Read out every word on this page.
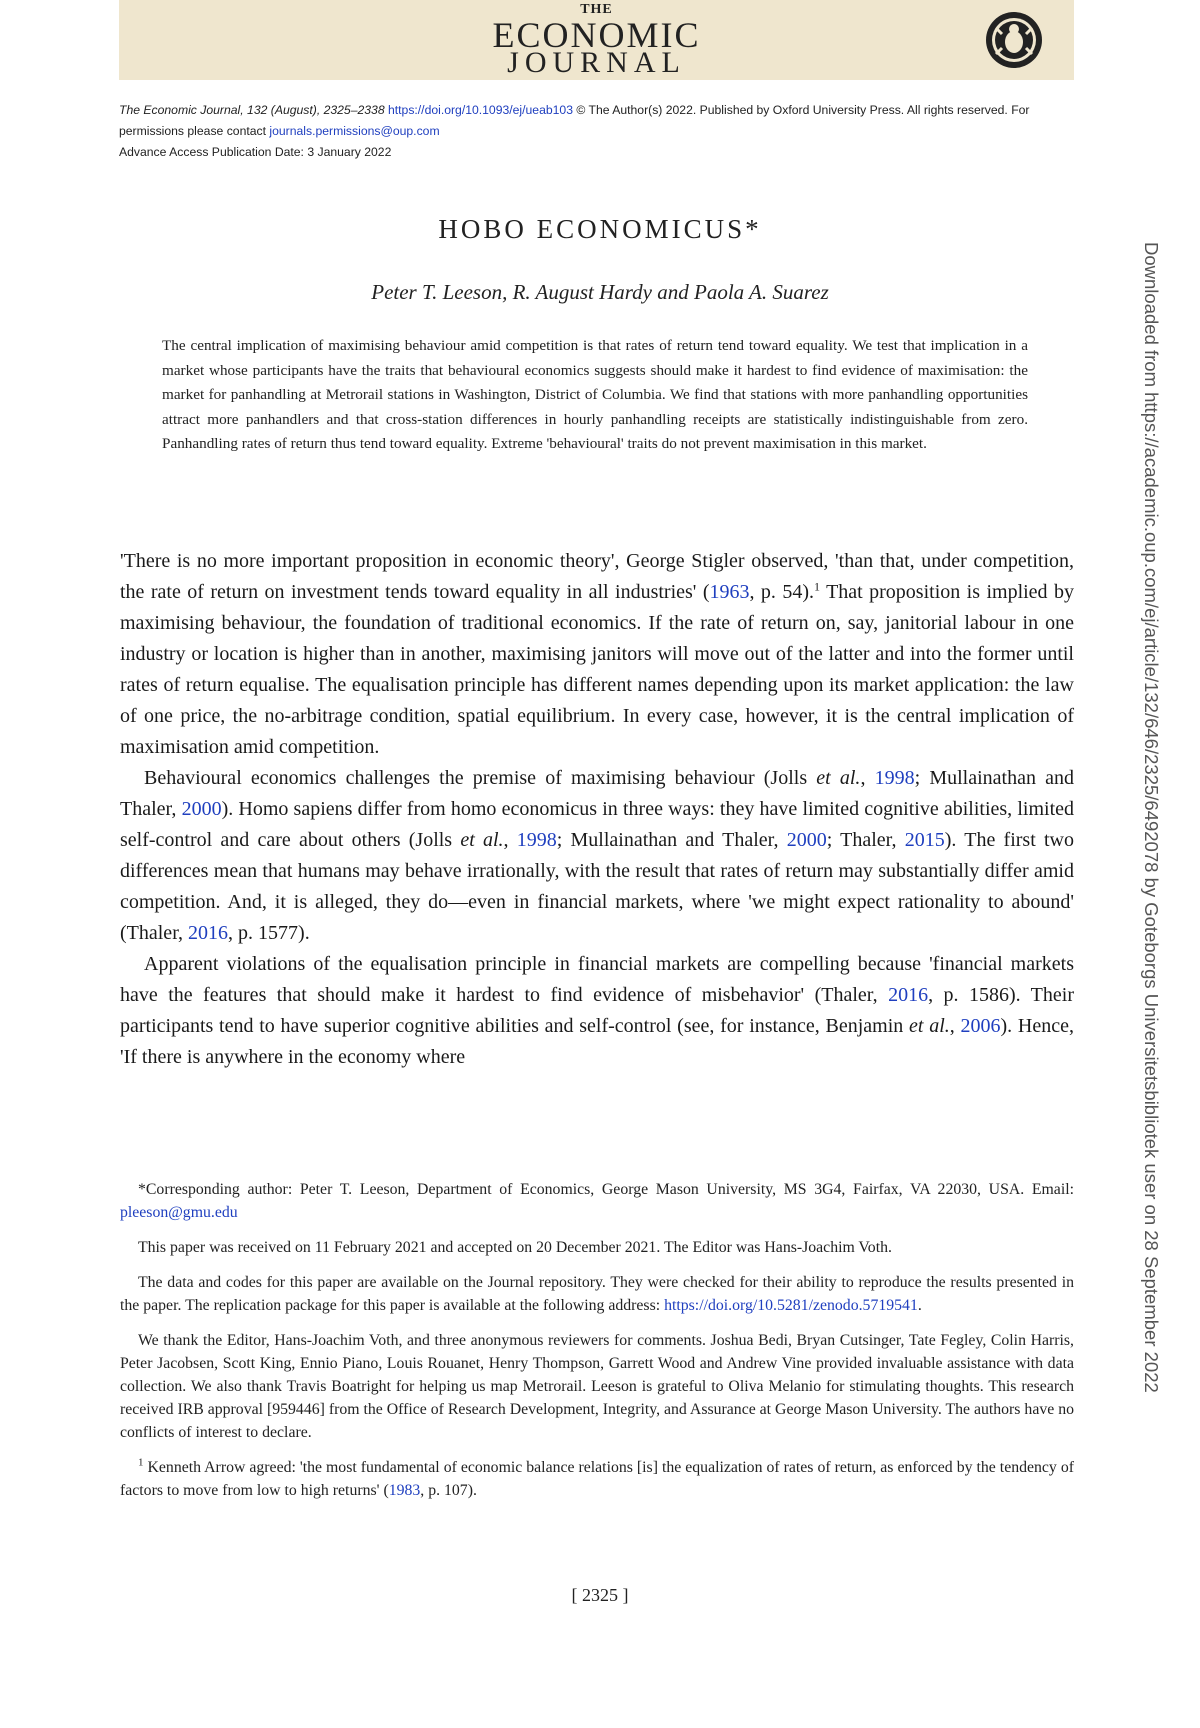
THE
ECONOMIC
JOURNAL
The Economic Journal, 132 (August), 2325–2338 https://doi.org/10.1093/ej/ueab103 © The Author(s) 2022. Published by Oxford University Press. All rights reserved. For permissions please contact journals.permissions@oup.com
Advance Access Publication Date: 3 January 2022
HOBO ECONOMICUS*
Peter T. Leeson, R. August Hardy and Paola A. Suarez
The central implication of maximising behaviour amid competition is that rates of return tend toward equality. We test that implication in a market whose participants have the traits that behavioural economics suggests should make it hardest to find evidence of maximisation: the market for panhandling at Metrorail stations in Washington, District of Columbia. We find that stations with more panhandling opportunities attract more panhandlers and that cross-station differences in hourly panhandling receipts are statistically indistinguishable from zero. Panhandling rates of return thus tend toward equality. Extreme 'behavioural' traits do not prevent maximisation in this market.

'There is no more important proposition in economic theory', George Stigler observed, 'than that, under competition, the rate of return on investment tends toward equality in all industries' (1963, p. 54).$^1$ That proposition is implied by maximising behaviour, the foundation of traditional economics. If the rate of return on, say, janitorial labour in one industry or location is higher than in another, maximising janitors will move out of the latter and into the former until rates of return equalise. The equalisation principle has different names depending upon its market application: the law of one price, the no-arbitrage condition, spatial equilibrium. In every case, however, it is the central implication of maximisation amid competition.

Behavioural economics challenges the premise of maximising behaviour (Jolls et al., 1998; Mullainathan and Thaler, 2000). Homo sapiens differ from homo economicus in three ways: they have limited cognitive abilities, limited self-control and care about others (Jolls et al., 1998; Mullainathan and Thaler, 2000; Thaler, 2015). The first two differences mean that humans may behave irrationally, with the result that rates of return may substantially differ amid competition. And, it is alleged, they do—even in financial markets, where 'we might expect rationality to abound' (Thaler, 2016, p. 1577).

Apparent violations of the equalisation principle in financial markets are compelling because 'financial markets have the features that should make it hardest to find evidence of misbehavior' (Thaler, 2016, p. 1586). Their participants tend to have superior cognitive abilities and self-control (see, for instance, Benjamin et al., 2006). Hence, 'If there is anywhere in the economy where

*Corresponding author: Peter T. Leeson, Department of Economics, George Mason University, MS 3G4, Fairfax, VA 22030, USA. Email: pleeson@gmu.edu

This paper was received on 11 February 2021 and accepted on 20 December 2021. The Editor was Hans-Joachim Voth.

The data and codes for this paper are available on the Journal repository. They were checked for their ability to reproduce the results presented in the paper. The replication package for this paper is available at the following address: https://doi.org/10.5281/zenodo.5719541.

We thank the Editor, Hans-Joachim Voth, and three anonymous reviewers for comments. Joshua Bedi, Bryan Cutsinger, Tate Fegley, Colin Harris, Peter Jacobsen, Scott King, Ennio Piano, Louis Rouanet, Henry Thompson, Garrett Wood and Andrew Vine provided invaluable assistance with data collection. We also thank Travis Boatright for helping us map Metrorail. Leeson is grateful to Oliva Melanio for stimulating thoughts. This research received IRB approval [959446] from the Office of Research Development, Integrity, and Assurance at George Mason University. The authors have no conflicts of interest to declare.

$^1$ Kenneth Arrow agreed: 'the most fundamental of economic balance relations [is] the equalization of rates of return, as enforced by the tendency of factors to move from low to high returns' (1983, p. 107).

[ 2325 ]
Downloaded from https://academic.oup.com/ej/article/132/646/2325/6492078 by Goteborgs Universitetsbibliotek user on 28 September 2022
